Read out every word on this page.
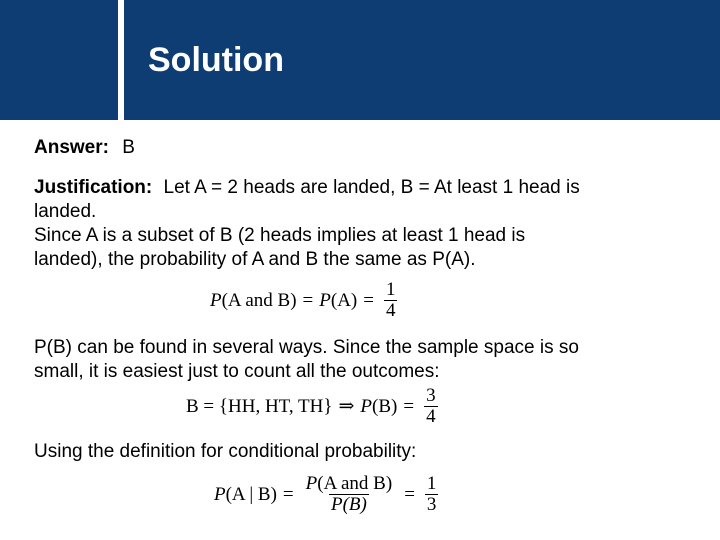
Solution
Answer: B
Justification: Let A = 2 heads are landed, B = At least 1 head is
landed.
Since A is a subset of B (2 heads implies at least 1 head is
landed), the probability of A and B the same as P(A).
P (A and B) = P $(A) = \frac{1}{4}$
P(B) can be found in several ways. Since the sample space is so
small, it is easiest just to count all the outcomes:
B = {HH, HT, TH} ⇒ P $(B) = \frac{3}{4}$
Using the definition for conditional probability:
P (A | $B) = \frac{\text{P(A and B)}}{P(B)} = \frac{1}{3}$
